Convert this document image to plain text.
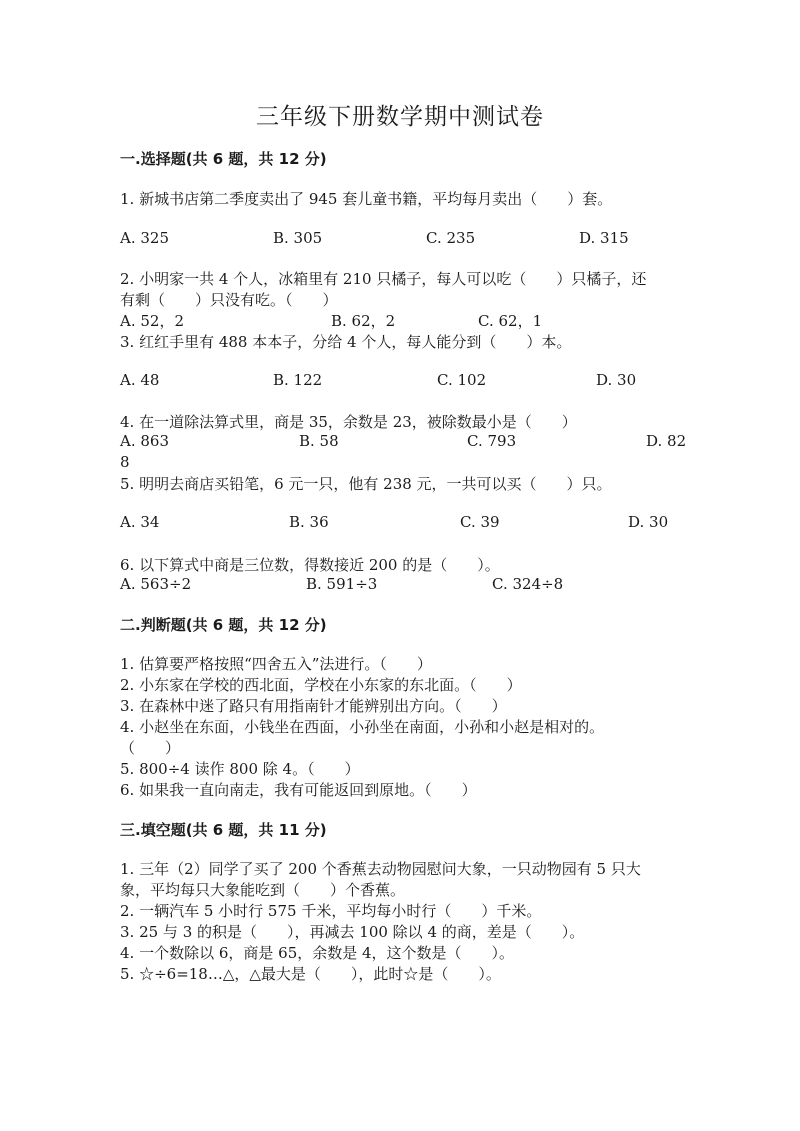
三年级下册数学期中测试卷
一.选择题(共 6 题，共 12 分)
1. 新城书店第二季度卖出了 945 套儿童书籍，平均每月卖出（　　）套。
A. 325	B. 305	C. 235	D. 315
2. 小明家一共 4 个人，冰箱里有 210 只橘子，每人可以吃（　　）只橘子，还
有剩（　　）只没有吃。（　　）
A. 52，2	B. 62，2	C. 62，1
3. 红红手里有 488 本本子，分给 4 个人，每人能分到（　　）本。
A. 48	B. 122	C. 102	D. 30
4. 在一道除法算式里，商是 35，余数是 23，被除数最小是（　　）
A. 863	B. 58	C. 793	D. 82
8
5. 明明去商店买铅笔，6 元一只，他有 238 元，一共可以买（　　）只。
A. 34	B. 36	C. 39	D. 30
6. 以下算式中商是三位数，得数接近 200 的是（　　）。
A. 563÷2	B. 591÷3	C. 324÷8
二.判断题(共 6 题，共 12 分)
1. 估算要严格按照“四舍五入”法进行。（　　）
2. 小东家在学校的西北面，学校在小东家的东北面。（　　）
3. 在森林中迷了路只有用指南针才能辨别出方向。（　　）
4. 小赵坐在东面，小钱坐在西面，小孙坐在南面，小孙和小赵是相对的。
（　　）
5. 800÷4 读作 800 除 4。（　　）
6. 如果我一直向南走，我有可能返回到原地。（　　）
三.填空题(共 6 题，共 11 分)
1. 三年（2）同学了买了 200 个香蕉去动物园慰问大象，一只动物园有 5 只大
象，平均每只大象能吃到（　　）个香蕉。
2. 一辆汽车 5 小时行 575 千米，平均每小时行（　　）千米。
3. 25 与 3 的积是（　　），再减去 100 除以 4 的商，差是（　　）。
4. 一个数除以 6，商是 65，余数是 4，这个数是（　　）。
5. ☆÷6=18…△，△最大是（　　），此时☆是（　　）。
